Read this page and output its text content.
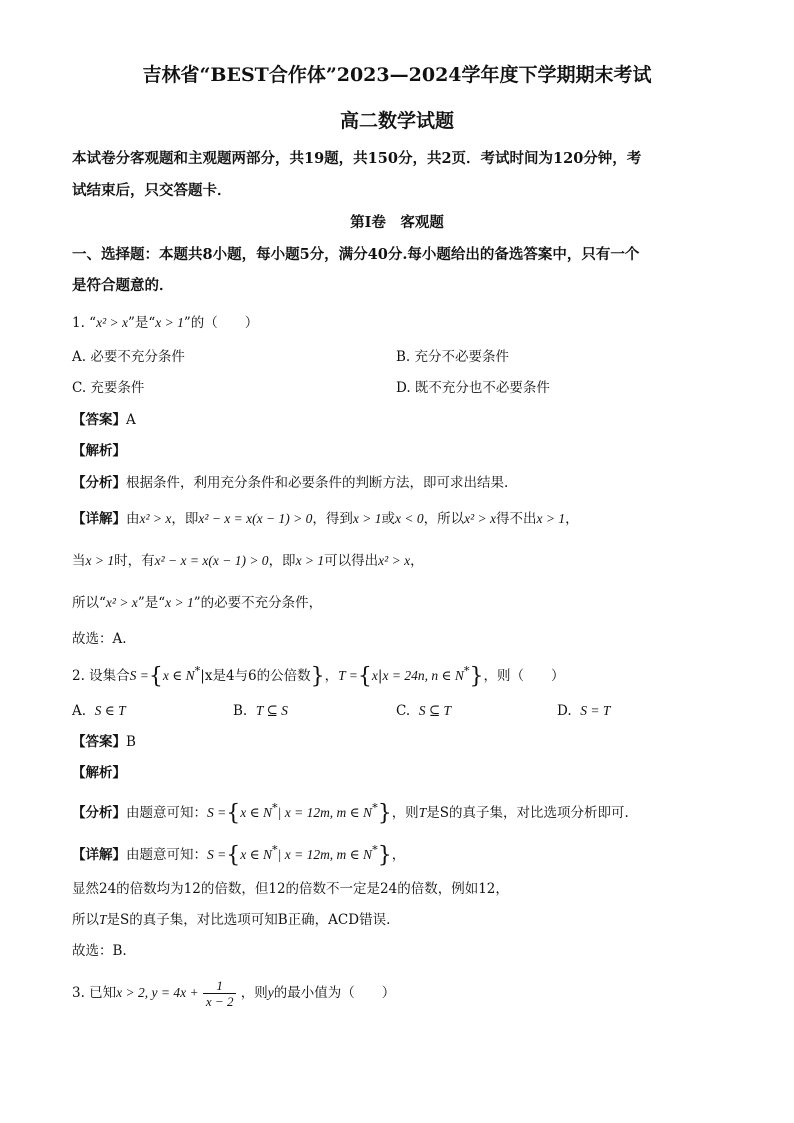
吉林省“BEST合作体”2023—2024学年度下学期期末考试
高二数学试题
本试卷分客观题和主观题两部分，共19题，共150分，共2页．考试时间为120分钟，考
试结束后，只交答题卡．
第Ⅰ卷　客观题
一、选择题：本题共8小题，每小题5分，满分40分.每小题给出的备选答案中，只有一个
是符合题意的．
1. “x² > x”是“x > 1”的（　　）
A. 必要不充分条件	B. 充分不必要条件
C. 充要条件	D. 既不充分也不必要条件
【答案】A
【解析】
【分析】根据条件，利用充分条件和必要条件的判断方法，即可求出结果.
【详解】由x² > x，即x² − x = x(x − 1) > 0，得到x > 1或x < 0，所以x² > x得不出x > 1，
当x > 1时，有x² − x = x(x − 1) > 0，即x > 1可以得出x² > x，
所以“x² > x”是“x > 1”的必要不充分条件，
故选：A.
2. 设集合S ={x ∈ N*|x是4与6的公倍数}，T ={x|x = 24n, n ∈ N*}，则（　　）
A. S ∈ T	B. T ⊆ S	C. S ⊆ T	D. S = T
【答案】B
【解析】
【分析】由题意可知：S ={x ∈ N*| x = 12m, m ∈ N*}，则T是S的真子集，对比选项分析即可.
【详解】由题意可知：S ={x ∈ N*| x = 12m, m ∈ N*}，
显然24的倍数均为12的倍数，但12的倍数不一定是24的倍数，例如12，
所以T是S的真子集，对比选项可知B正确，ACD错误.
故选：B.
3. 已知x > 2, $y = 4x + \frac{1}{x - 2}$ ，则y的最小值为（　　）
